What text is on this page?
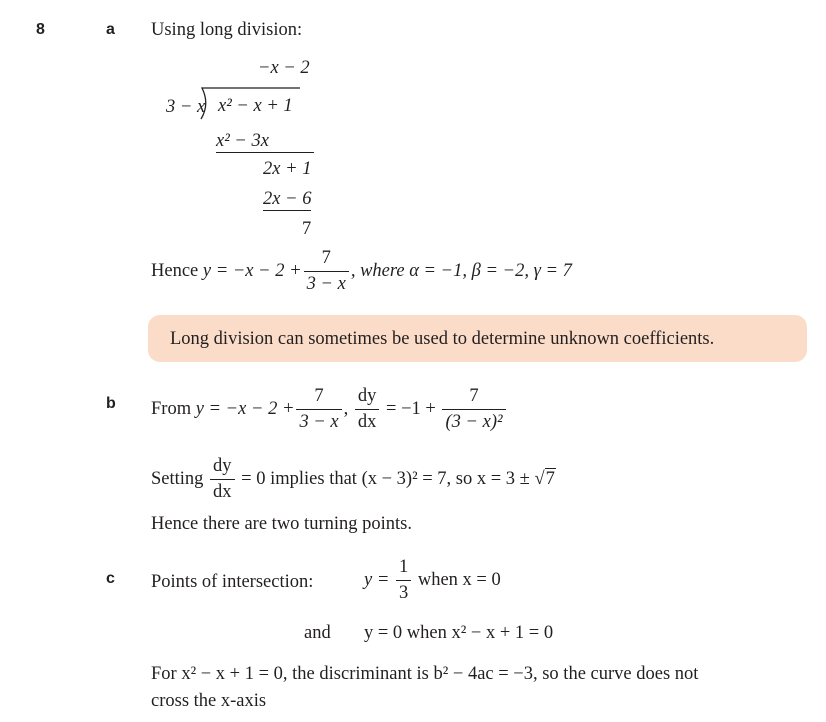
8	a
b
c
Using long division:
−x − 2
3 − x x² − x + 1
x² − 3x
2x + 1
2x − 6
7
Hence $y = -x - 2 + \frac{7}{3 - x}$ , where α = −1, β = −2, γ = 7
Long division can sometimes be used to determine unknown coefficients.
From $y = -x - 2 + \frac{7}{3 - x}$ , $\frac{dy}{dx} = -1 + \frac{7}{\text{(3 − x)²}}$
Setting $\frac{dy}{dx} = 0$ implies that (x − 3)² = 7, so x = 3 ± √7
Hence there are two turning points.
Points of intersection:	$y = \frac{1}{3}$ when x = 0
and y = 0 when x² − x + 1 = 0
For x² − x + 1 = 0, the discriminant is b² − 4ac = −3, so the curve does not
cross the x-axis
